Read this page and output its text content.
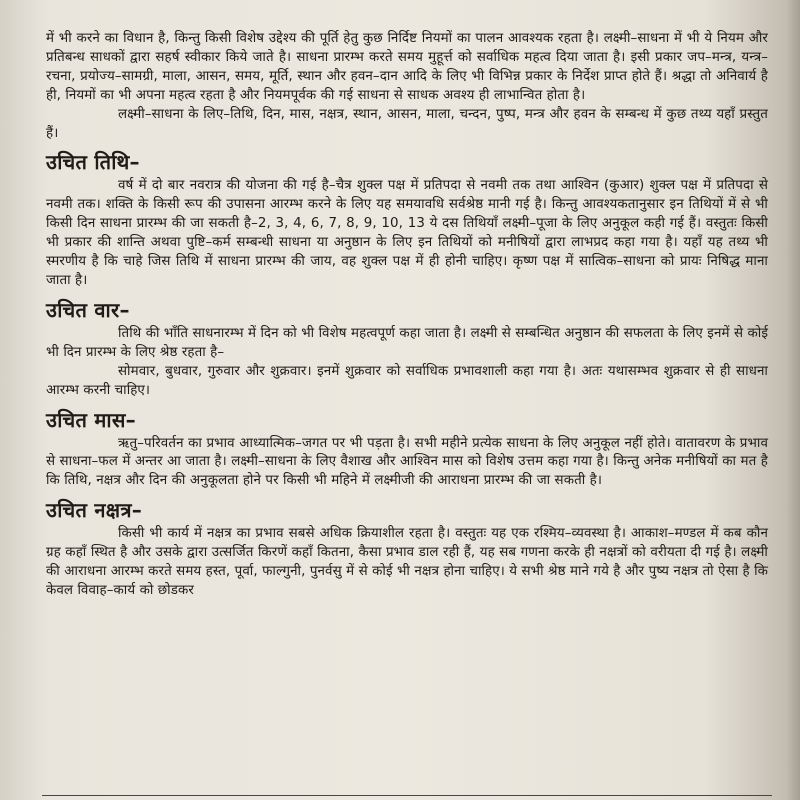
में भी करने का विधान है, किन्तु किसी विशेष उद्देश्य की पूर्ति हेतु कुछ निर्दिष्ट नियमों का पालन आवश्यक रहता है। लक्ष्मी–साधना में भी ये नियम और प्रतिबन्ध साधकों द्वारा सहर्ष स्वीकार किये जाते है। साधना प्रारम्भ करते समय मुहूर्त्त को सर्वाधिक महत्व दिया जाता है। इसी प्रकार जप–मन्त्र, यन्त्र–रचना, प्रयोज्य–सामग्री, माला, आसन, समय, मूर्ति, स्थान और हवन–दान आदि के लिए भी विभिन्न प्रकार के निर्देश प्राप्त होते हैं। श्रद्धा तो अनिवार्य है ही, नियमों का भी अपना महत्व रहता है और नियमपूर्वक की गई साधना से साधक अवश्य ही लाभान्वित होता है।

लक्ष्मी–साधना के लिए–तिथि, दिन, मास, नक्षत्र, स्थान, आसन, माला, चन्दन, पुष्प, मन्त्र और हवन के सम्बन्ध में कुछ तथ्य यहाँ प्रस्तुत हैं।

उचित तिथि–

वर्ष में दो बार नवरात्र की योजना की गई है–चैत्र शुक्ल पक्ष में प्रतिपदा से नवमी तक तथा आश्विन (कुआर) शुक्ल पक्ष में प्रतिपदा से नवमी तक। शक्ति के किसी रूप की उपासना आरम्भ करने के लिए यह समयावधि सर्वश्रेष्ठ मानी गई है। किन्तु आवश्यकतानुसार इन तिथियों में से भी किसी दिन साधना प्रारम्भ की जा सकती है–2, 3, 4, 6, 7, 8, 9, 10, 13 ये दस तिथियाँ लक्ष्मी–पूजा के लिए अनुकूल कही गई हैं। वस्तुतः किसी भी प्रकार की शान्ति अथवा पुष्टि–कर्म सम्बन्धी साधना या अनुष्ठान के लिए इन तिथियों को मनीषियों द्वारा लाभप्रद कहा गया है। यहाँ यह तथ्य भी स्मरणीय है कि चाहे जिस तिथि में साधना प्रारम्भ की जाय, वह शुक्ल पक्ष में ही होनी चाहिए। कृष्ण पक्ष में सात्विक–साधना को प्रायः निषिद्ध माना जाता है।

उचित वार–

तिथि की भाँति साधनारम्भ में दिन को भी विशेष महत्वपूर्ण कहा जाता है। लक्ष्मी से सम्बन्धित अनुष्ठान की सफलता के लिए इनमें से कोई भी दिन प्रारम्भ के लिए श्रेष्ठ रहता है–

सोमवार, बुधवार, गुरुवार और शुक्रवार। इनमें शुक्रवार को सर्वाधिक प्रभावशाली कहा गया है। अतः यथासम्भव शुक्रवार से ही साधना आरम्भ करनी चाहिए।

उचित मास–

ऋतु–परिवर्तन का प्रभाव आध्यात्मिक–जगत पर भी पड़ता है। सभी महीने प्रत्येक साधना के लिए अनुकूल नहीं होते। वातावरण के प्रभाव से साधना–फल में अन्तर आ जाता है। लक्ष्मी–साधना के लिए वैशाख और आश्विन मास को विशेष उत्तम कहा गया है। किन्तु अनेक मनीषियों का मत है कि तिथि, नक्षत्र और दिन की अनुकूलता होने पर किसी भी महिने में लक्ष्मीजी की आराधना प्रारम्भ की जा सकती है।

उचित नक्षत्र–

किसी भी कार्य में नक्षत्र का प्रभाव सबसे अधिक क्रियाशील रहता है। वस्तुतः यह एक रश्मिय–व्यवस्था है। आकाश–मण्डल में कब कौन ग्रह कहाँ स्थित है और उसके द्वारा उत्सर्जित किरणें कहाँ कितना, कैसा प्रभाव डाल रही हैं, यह सब गणना करके ही नक्षत्रों को वरीयता दी गई है। लक्ष्मी की आराधना आरम्भ करते समय हस्त, पूर्वा, फाल्गुनी, पुनर्वसु में से कोई भी नक्षत्र होना चाहिए। ये सभी श्रेष्ठ माने गये है और पुष्य नक्षत्र तो ऐसा है कि केवल विवाह–कार्य को छोडकर
